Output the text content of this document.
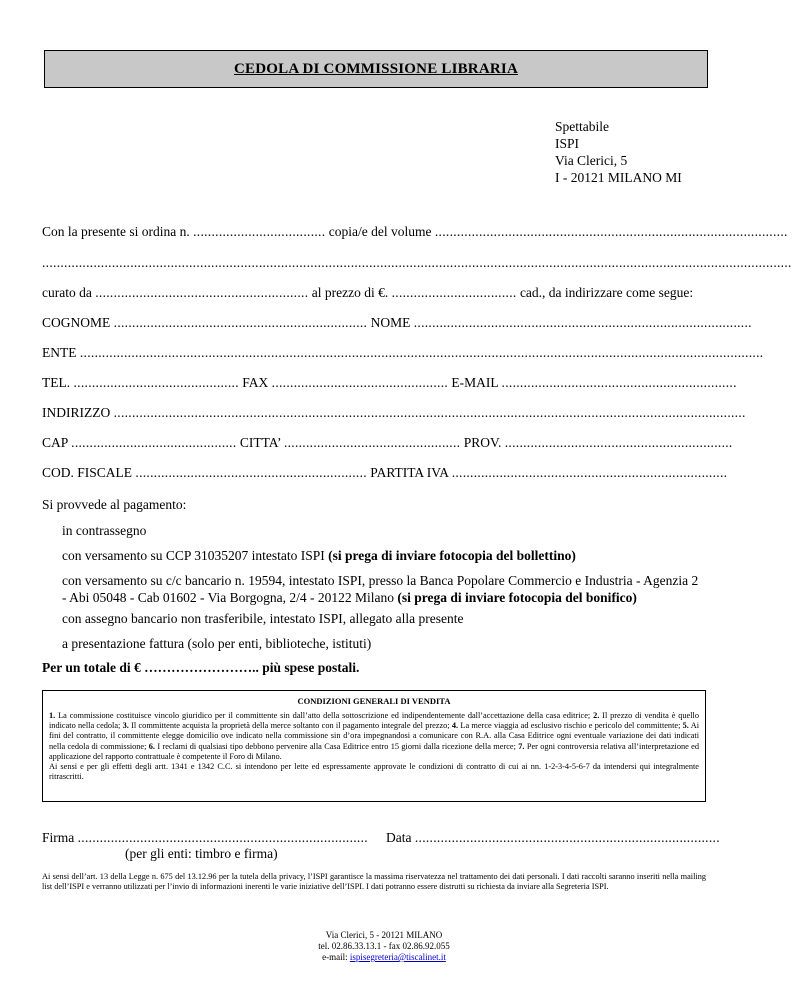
CEDOLA DI COMMISSIONE LIBRARIA
Spettabile
ISPI
Via Clerici, 5
I - 20121 MILANO MI
Con la presente si ordina n. .................................... copia/e del volume ................................................................................................
............................................................................................................................................................................................................
curato da .......................................................... al prezzo di €. .................................. cad., da indirizzare come segue:
COGNOME ..................................................................... NOME ............................................................................................
ENTE ..........................................................................................................................................................................................
TEL. ............................................. FAX ................................................ E-MAIL ................................................................
INDIRIZZO ............................................................................................................................................................................
CAP ............................................. CITTA’ ................................................ PROV. ..............................................................
COD. FISCALE ............................................................... PARTITA IVA ...........................................................................
Si provvede al pagamento:
in contrassegno
con versamento su CCP 31035207 intestato ISPI (si prega di inviare fotocopia del bollettino)
con versamento su c/c bancario n. 19594, intestato ISPI, presso la Banca Popolare Commercio e Industria - Agenzia 2 - Abi 05048 - Cab 01602 - Via Borgogna, 2/4 - 20122 Milano (si prega di inviare fotocopia del bonifico)
con assegno bancario non trasferibile, intestato ISPI, allegato alla presente
a presentazione fattura (solo per enti, biblioteche, istituti)
Per un totale di € …………………….. più spese postali.
CONDIZIONI GENERALI DI VENDITA
1. La commissione costituisce vincolo giuridico per il committente sin dall’atto della sottoscrizione ed indipendentemente dall’accettazione della casa editrice; 2. Il prezzo di vendita è quello indicato nella cedola; 3. Il committente acquista la proprietà della merce soltanto con il pagamento integrale del prezzo; 4. La merce viaggia ad esclusivo rischio e pericolo del committente; 5. Ai fini del contratto, il committente elegge domicilio ove indicato nella commissione sin d’ora impegnandosi a comunicare con R.A. alla Casa Editrice ogni eventuale variazione dei dati indicati nella cedola di commissione; 6. I reclami di qualsiasi tipo debbono pervenire alla Casa Editrice entro 15 giorni dalla ricezione della merce; 7. Per ogni controversia relativa all’interpretazione ed applicazione del rapporto contrattuale è competente il Foro di Milano.
Ai sensi e per gli effetti degli artt. 1341 e 1342 C.C. si intendono per lette ed espressamente approvate le condizioni di contratto di cui ai nn. 1-2-3-4-5-6-7 da intendersi qui integralmente ritrascritti.
Firma ...............................................................................
(per gli enti: timbro e firma)
Data ...................................................................................
Ai sensi dell’art. 13 della Legge n. 675 del 13.12.96 per la tutela della privacy, l’ISPI garantisce la massima riservatezza nel trattamento dei dati personali. I dati raccolti saranno inseriti nella mailing list dell’ISPI e verranno utilizzati per l’invio di informazioni inerenti le varie iniziative dell’ISPI. I dati potranno essere distrutti su richiesta da inviare alla Segreteria ISPI.
Via Clerici, 5 - 20121 MILANO
tel. 02.86.33.13.1 - fax 02.86.92.055
e-mail: ispisegreteria@tiscalinet.it
